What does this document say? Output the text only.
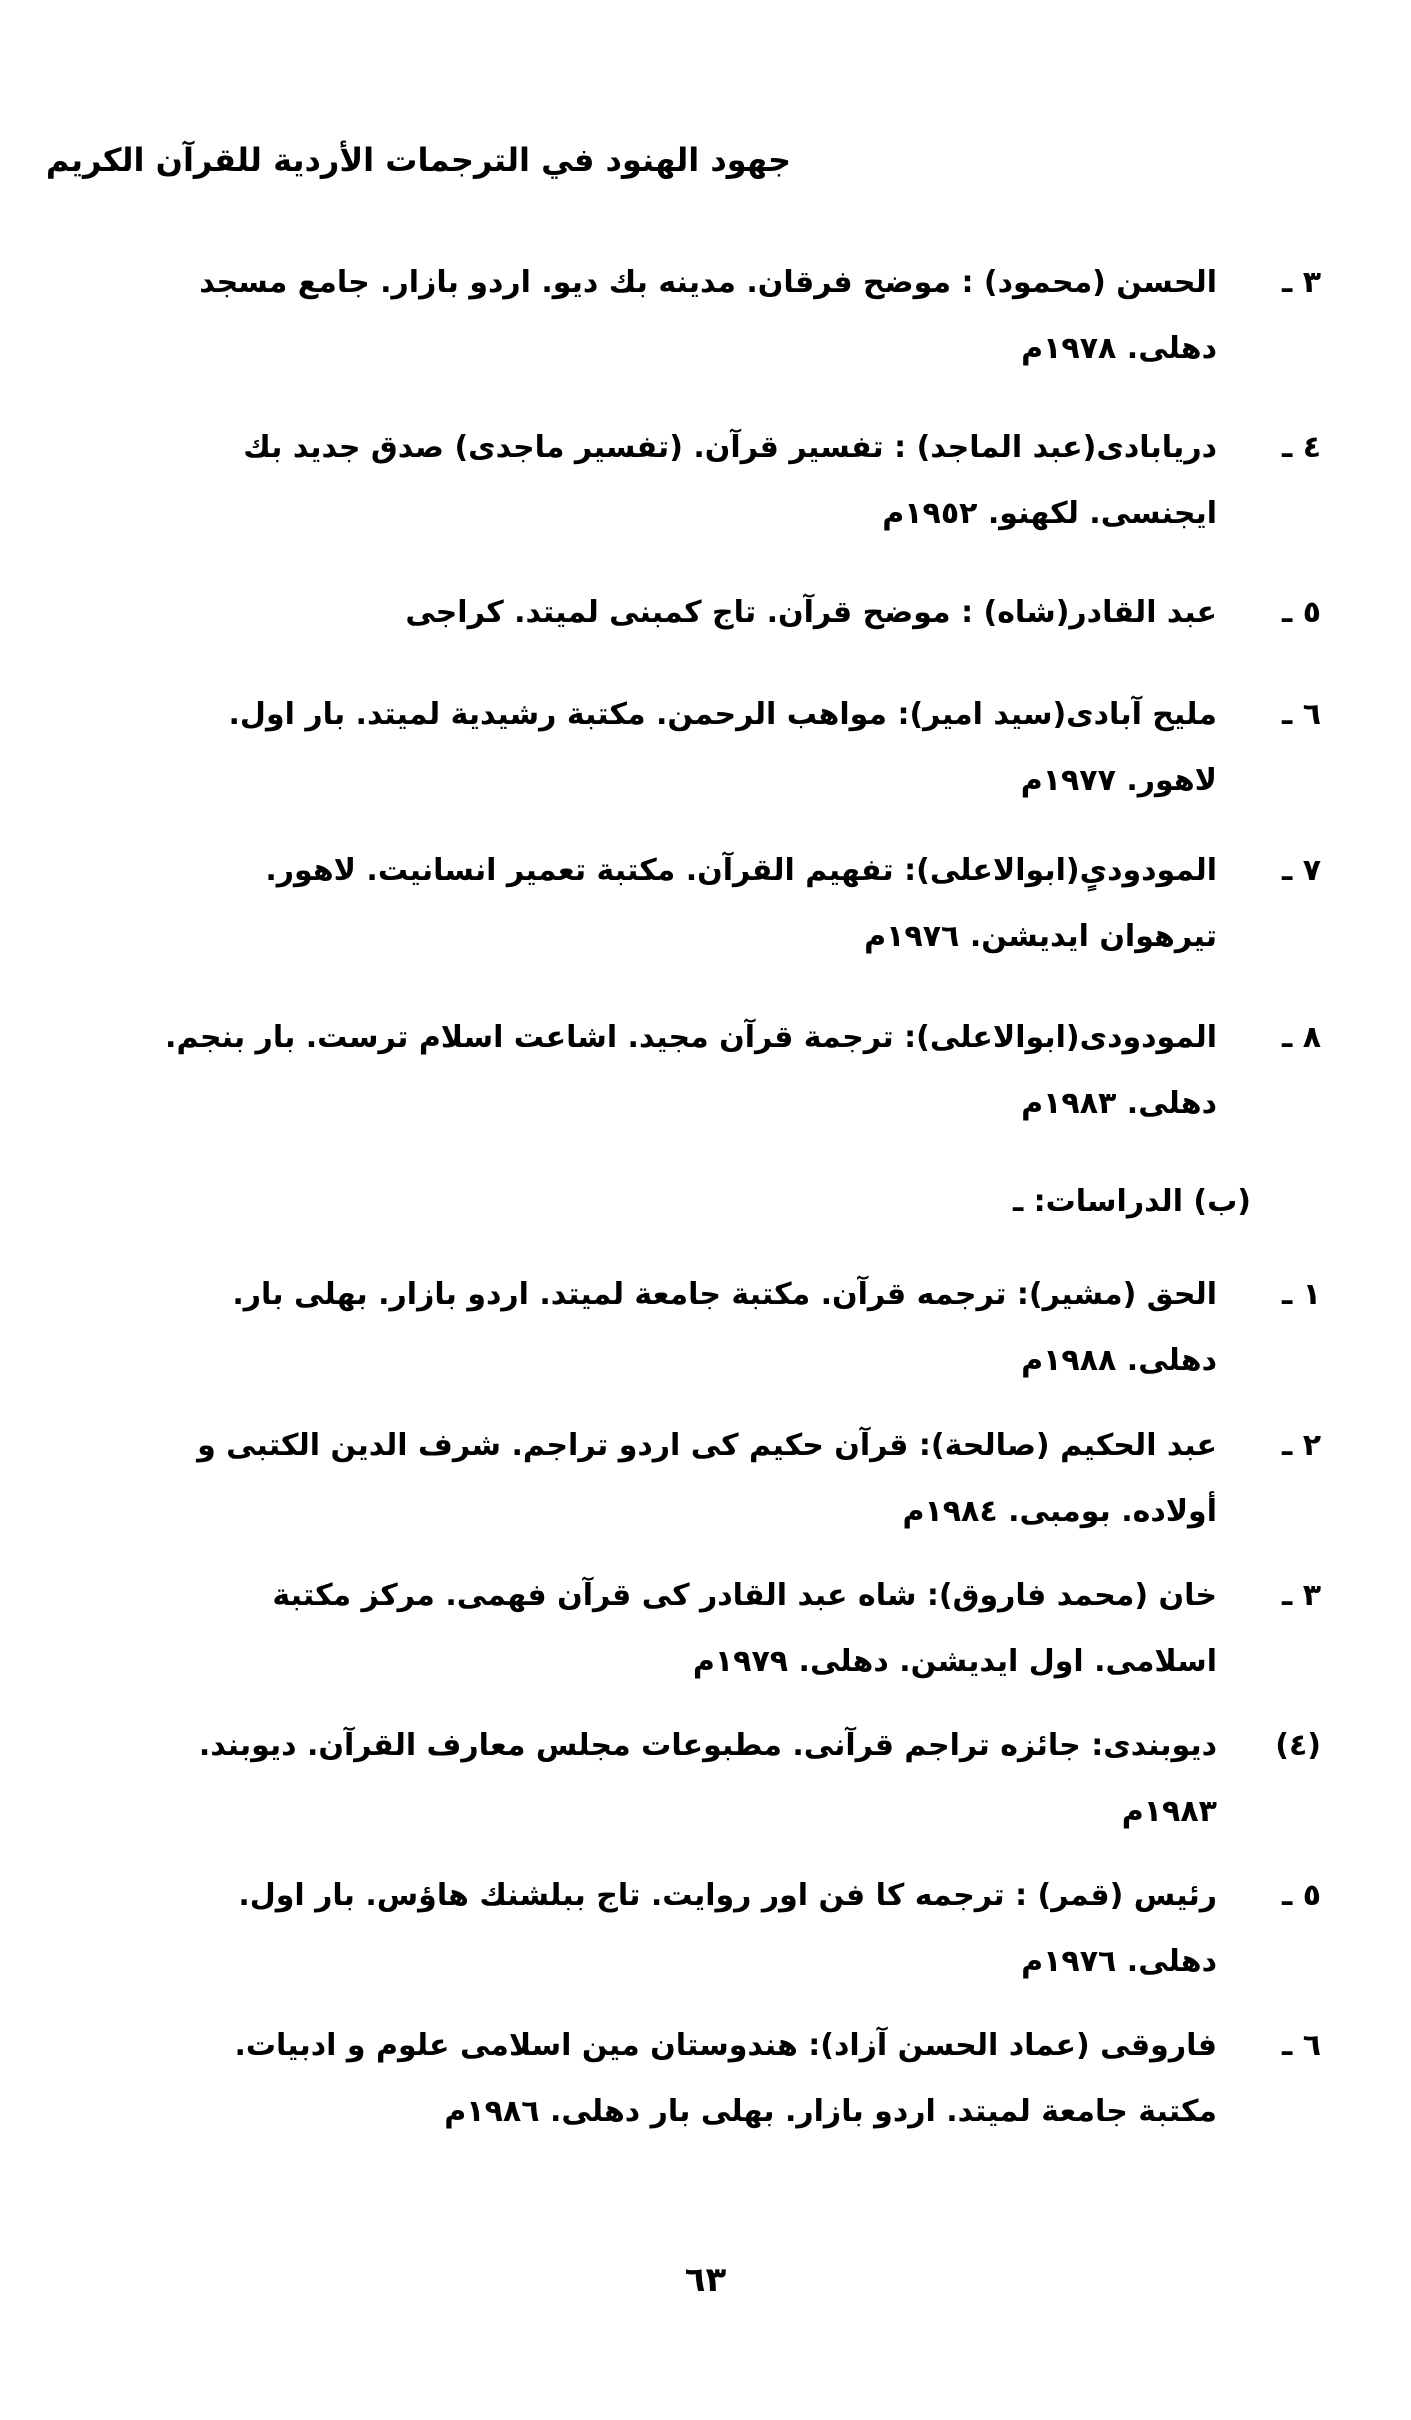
جهود الهنود في الترجمات الأردية للقرآن الكريم
٣ ـ
الحسن (محمود) : موضح فرقان. مدينه بك ديو. اردو بازار. جامع مسجد دهلى. ١٩٧٨م
٤ ـ
دريابادى(عبد الماجد) : تفسير قرآن. (تفسير ماجدى) صدق جديد بك ايجنسى. لكهنو. ١٩٥٢م
٥ ـ
عبد القادر(شاه) : موضح قرآن. تاج كمبنى لميتد. كراجى
٦ ـ
مليح آبادى(سيد امير): مواهب الرحمن. مكتبة رشيدية لميتد. بار اول. لاهور. ١٩٧٧م
٧ ـ
المودودىٍ(ابوالاعلى): تفهيم القرآن. مكتبة تعمير انسانيت. لاهور. تيرهوان ايديشن. ١٩٧٦م
٨ ـ
المودودى(ابوالاعلى): ترجمة قرآن مجيد. اشاعت اسلام ترست. بار بنجم. دهلى. ١٩٨٣م
(ب) الدراسات: ـ
١ ـ
الحق (مشير): ترجمه قرآن. مكتبة جامعة لميتد. اردو بازار. بهلى بار. دهلى. ١٩٨٨م
٢ ـ
عبد الحكيم (صالحة): قرآن حكيم كى اردو تراجم. شرف الدين الكتبى و أولاده. بومبى. ١٩٨٤م
٣ ـ
خان (محمد فاروق): شاه عبد القادر كى قرآن فهمى. مركز مكتبة اسلامى. اول ايديشن. دهلى. ١٩٧٩م
(٤)
ديوبندى: جائزه تراجم قرآنى. مطبوعات مجلس معارف القرآن. ديوبند. ١٩٨٣م
٥ ـ
رئيس (قمر) : ترجمه كا فن اور روايت. تاج ببلشنك هاؤس. بار اول. دهلى. ١٩٧٦م
٦ ـ
فاروقى (عماد الحسن آزاد): هندوستان مين اسلامى علوم و ادبيات. مكتبة جامعة لميتد. اردو بازار. بهلى بار دهلى. ١٩٨٦م
٦٣
